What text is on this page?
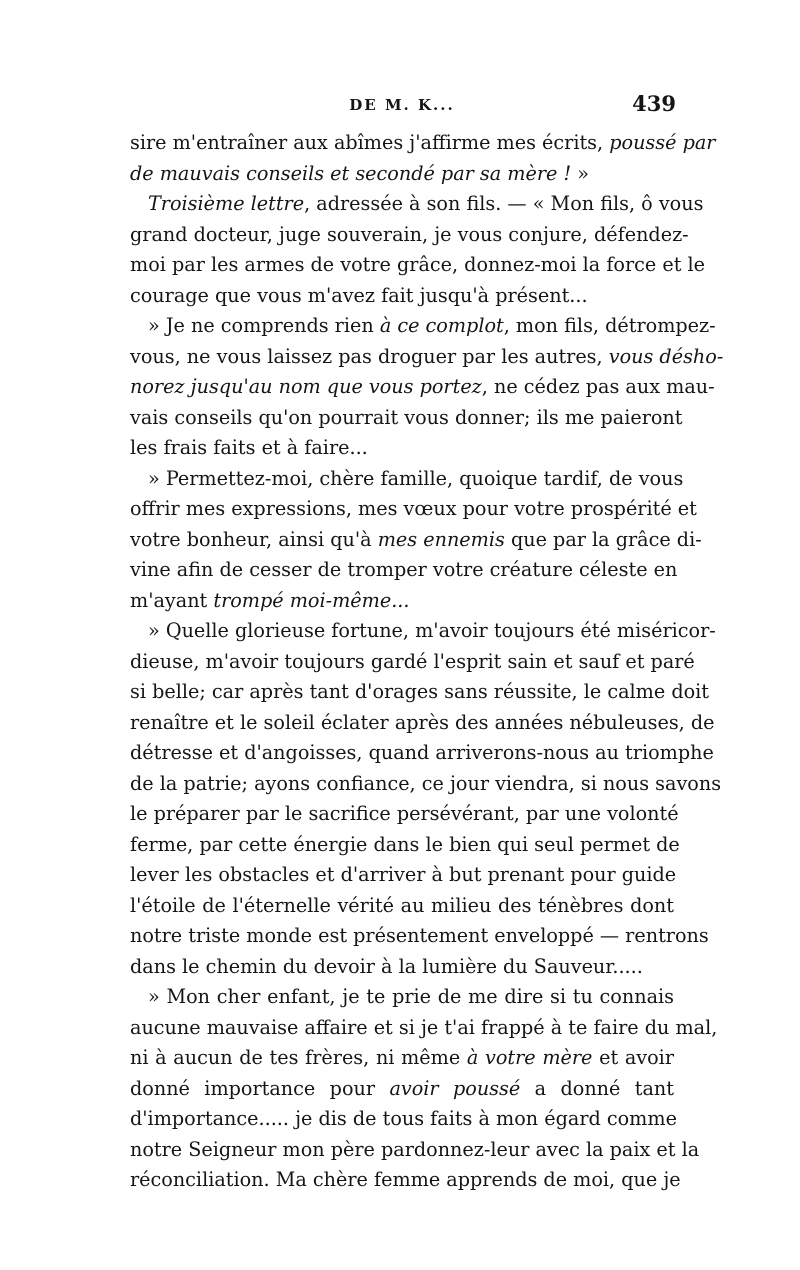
DE M. K...	439
sire m'entraîner aux abîmes j'affirme mes écrits, poussé par
de mauvais conseils et secondé par sa mère ! »
Troisième lettre, adressée à son fils. — « Mon fils, ô vous
grand docteur, juge souverain, je vous conjure, défendez-
moi par les armes de votre grâce, donnez-moi la force et le
courage que vous m'avez fait jusqu'à présent...
» Je ne comprends rien à ce complot, mon fils, détrompez-
vous, ne vous laissez pas droguer par les autres, vous désho-
norez jusqu'au nom que vous portez, ne cédez pas aux mau-
vais conseils qu'on pourrait vous donner; ils me paieront
les frais faits et à faire...
» Permettez-moi, chère famille, quoique tardif, de vous
offrir mes expressions, mes vœux pour votre prospérité et
votre bonheur, ainsi qu'à mes ennemis que par la grâce di-
vine afin de cesser de tromper votre créature céleste en
m'ayant trompé moi-même...
» Quelle glorieuse fortune, m'avoir toujours été miséricor-
dieuse, m'avoir toujours gardé l'esprit sain et sauf et paré
si belle; car après tant d'orages sans réussite, le calme doit
renaître et le soleil éclater après des années nébuleuses, de
détresse et d'angoisses, quand arriverons-nous au triomphe
de la patrie; ayons confiance, ce jour viendra, si nous savons
le préparer par le sacrifice persévérant, par une volonté
ferme, par cette énergie dans le bien qui seul permet de
lever les obstacles et d'arriver à but prenant pour guide
l'étoile de l'éternelle vérité au milieu des ténèbres dont
notre triste monde est présentement enveloppé — rentrons
dans le chemin du devoir à la lumière du Sauveur.....
» Mon cher enfant, je te prie de me dire si tu connais
aucune mauvaise affaire et si je t'ai frappé à te faire du mal,
ni à aucun de tes frères, ni même à votre mère et avoir
donné importance pour avoir poussé a donné tant
d'importance..... je dis de tous faits à mon égard comme
notre Seigneur mon père pardonnez-leur avec la paix et la
réconciliation. Ma chère femme apprends de moi, que je
